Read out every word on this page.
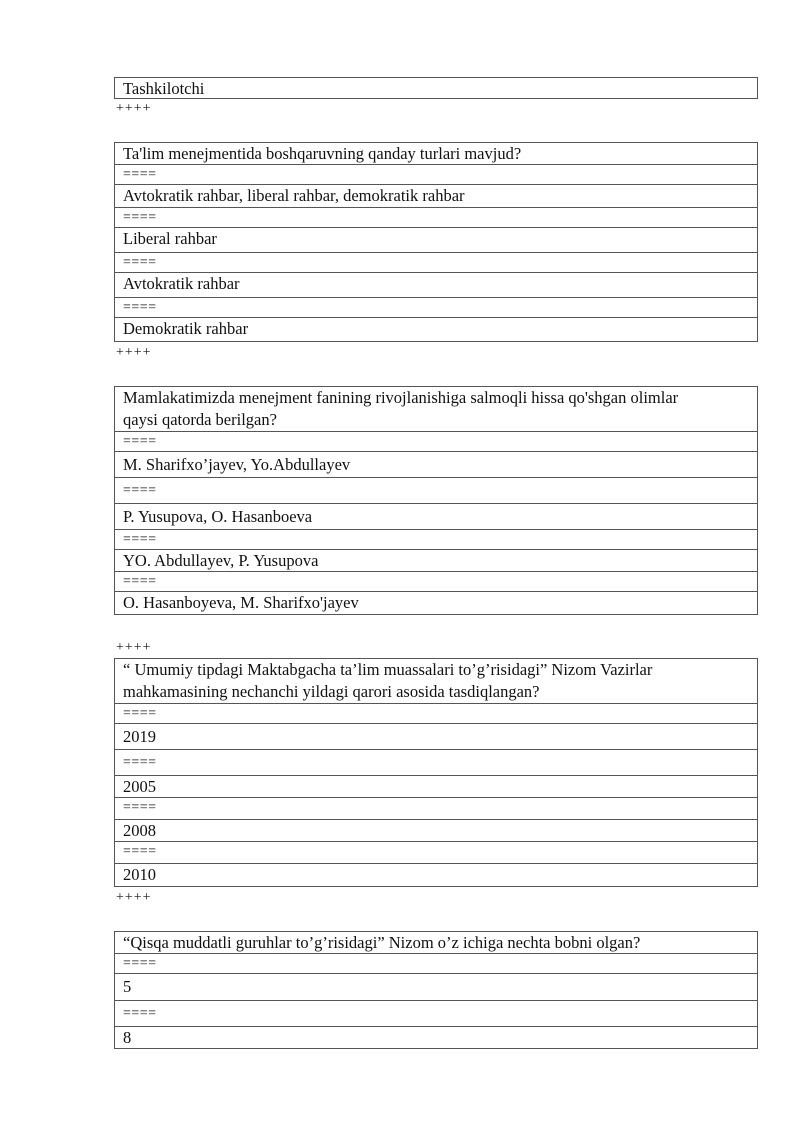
Tashkilotchi
++++
Ta'lim menejmentida boshqaruvning qanday turlari mavjud?
====
Avtokratik rahbar, liberal rahbar, demokratik rahbar
====
Liberal rahbar
====
Avtokratik rahbar
====
Demokratik rahbar
++++
Mamlakatimizda menejment fanining rivojlanishiga salmoqli hissa qo'shgan olimlar qaysi qatorda berilgan?
====
M. Sharifxo’jayev, Yo.Abdullayev
====
P. Yusupova, O. Hasanboeva
====
YO. Abdullayev, P. Yusupova
====
O. Hasanboyeva, M. Sharifxo'jayev
++++
“ Umumiy tipdagi Maktabgacha ta’lim muassalari to’g’risidagi” Nizom Vazirlar mahkamasining nechanchi yildagi qarori asosida tasdiqlangan?
====
2019
====
2005
====
2008
====
2010
++++
“Qisqa muddatli guruhlar to’g’risidagi” Nizom o’z ichiga nechta bobni olgan?
====
5
====
8
